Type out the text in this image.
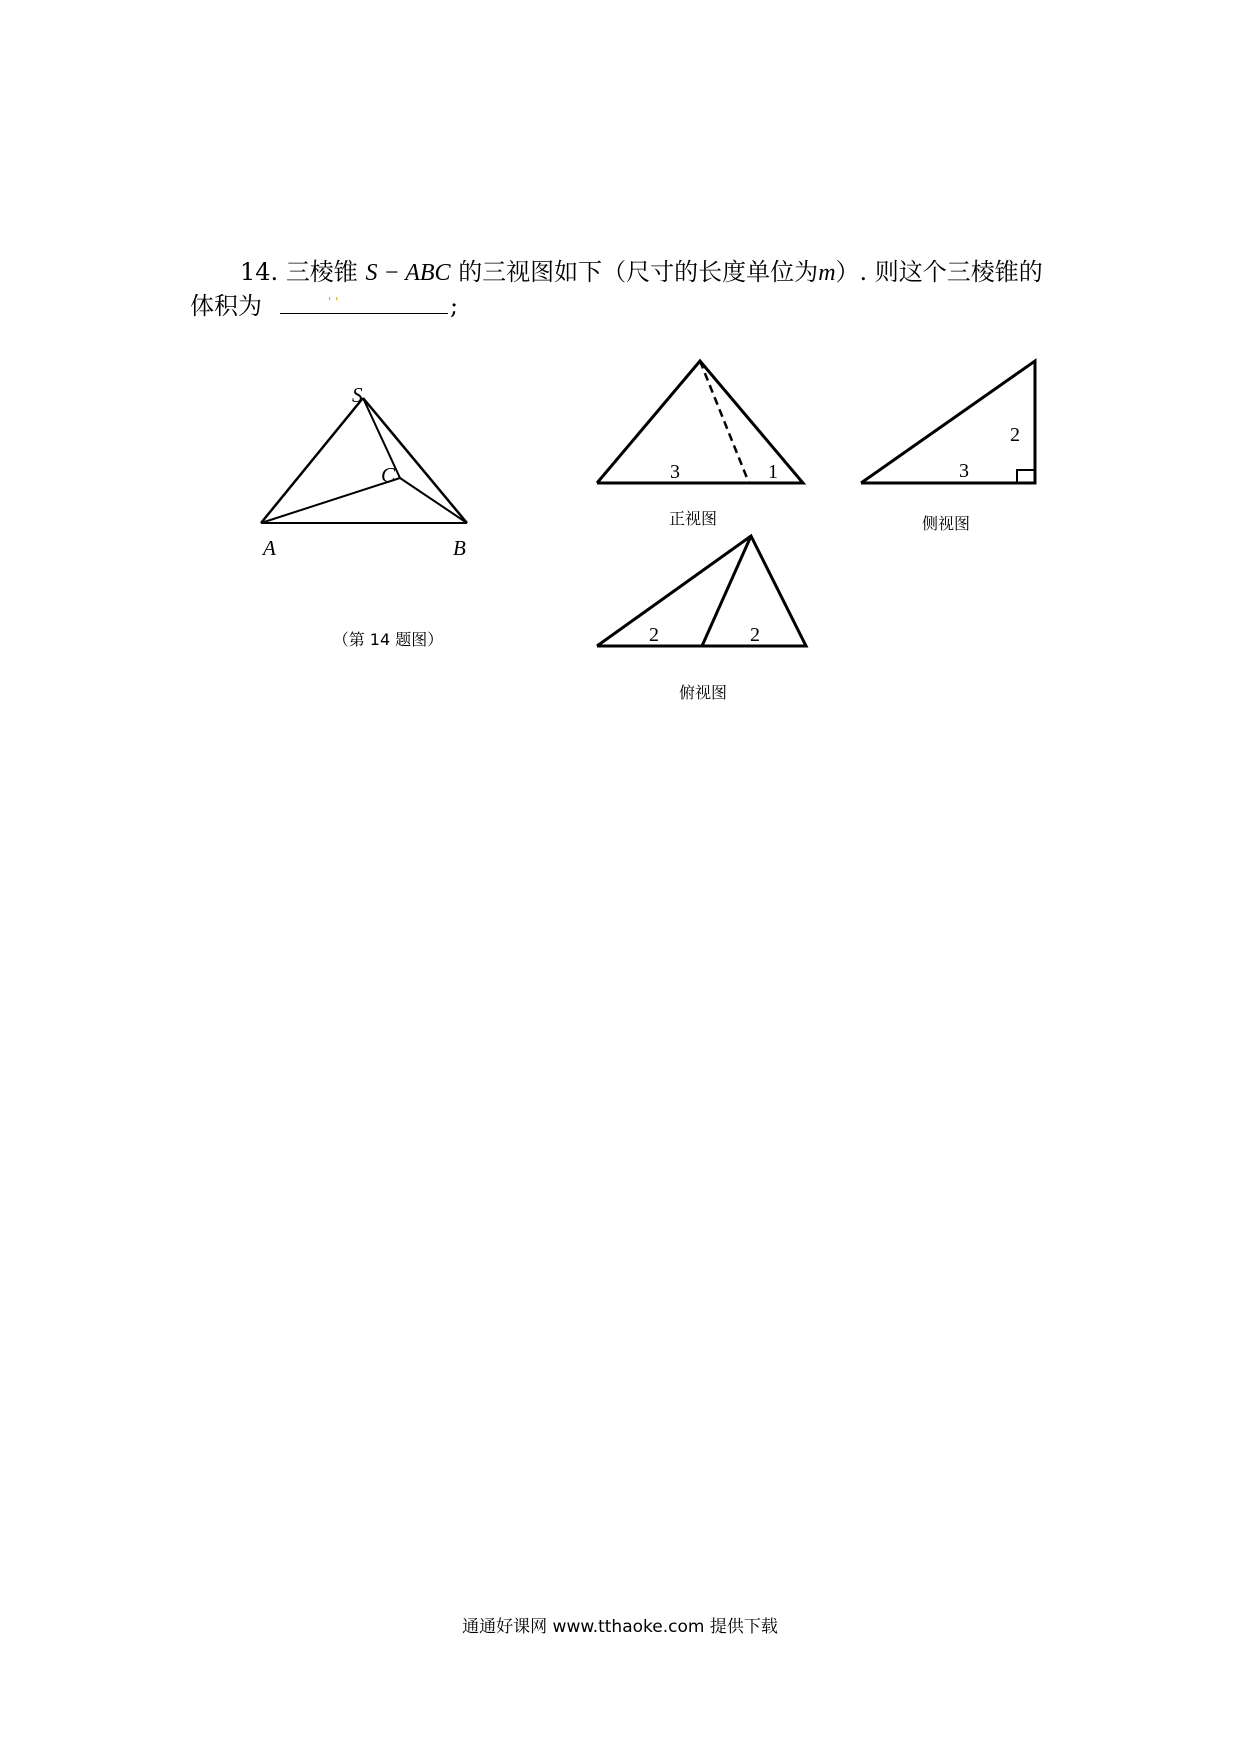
14. 三棱锥 S − ABC 的三视图如下（尺寸的长度单位为m）. 则这个三棱锥的
体积为	' '	;
S
C
A	B
（第 14 题图）
3	1
正视图
2
3
侧视图
2	2
俯视图
通通好课网 www.tthaoke.com 提供下载
